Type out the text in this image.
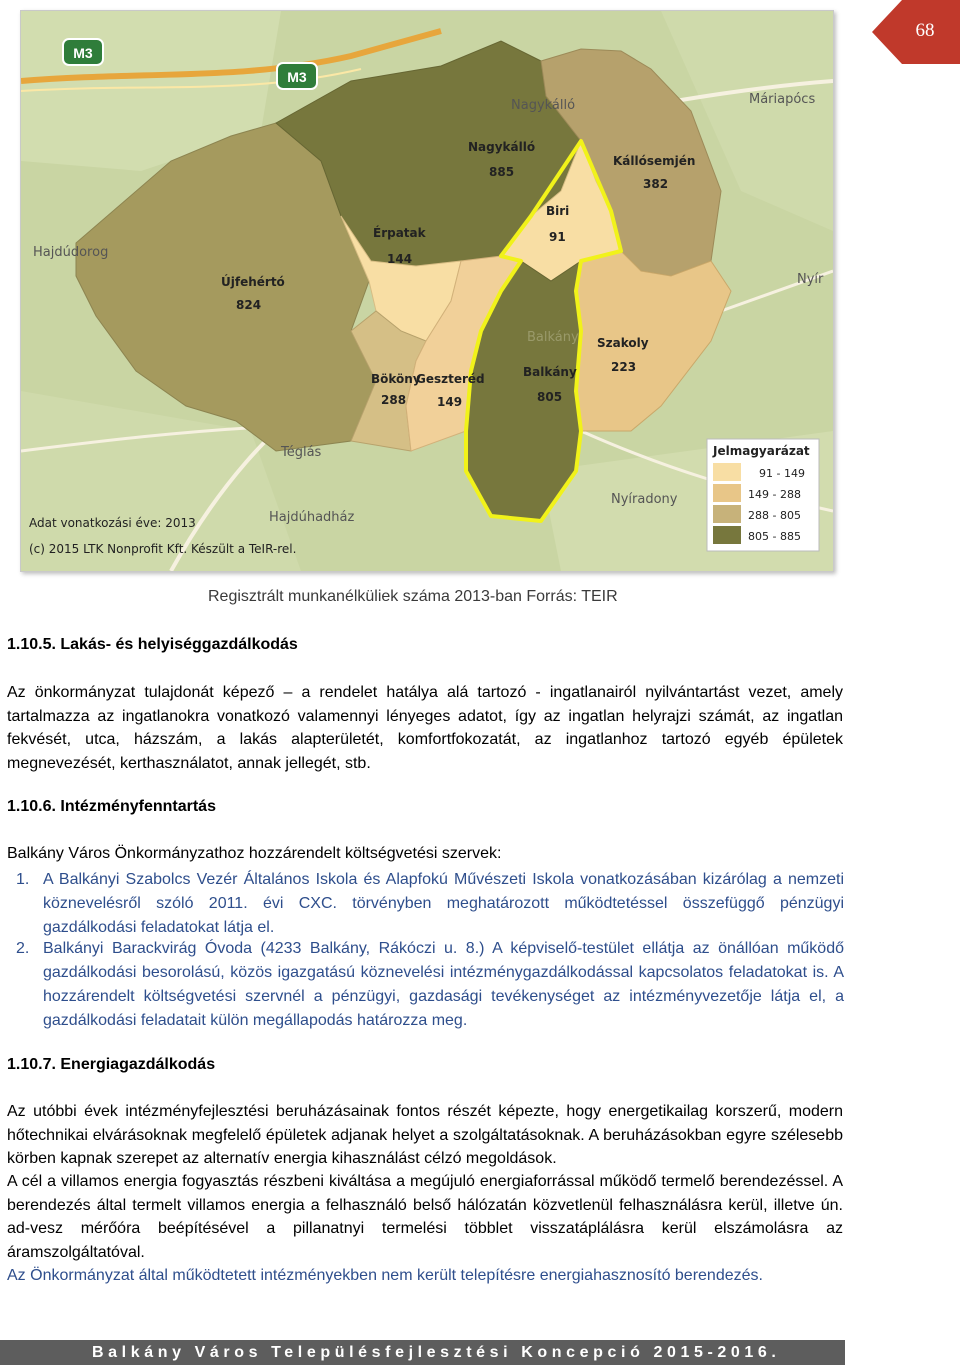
68
M3
M3
Hajdúdorog
Téglás
Hajdúhadház
Nagykálló	Máriapócs
Nyír
Nyíradony
Balkány
Újfehértó
824
Nagykálló
885
Kállósemjén
382
Érpatak
144
Biri
91
Szakoly
223
Bököny
288
Geszteréd
149
Balkány
805
Adat vonatkozási éve: 2013
(c) 2015 LTK Nonprofit Kft. Készült a TeIR-rel.
Jelmagyarázat
91 - 149
149 - 288
288 - 805
805 - 885
Regisztrált munkanélküliek száma 2013-ban Forrás: TEIR
1.10.5. Lakás- és helyiséggazdálkodás

Az önkormányzat tulajdonát képező – a rendelet hatálya alá tartozó - ingatlanairól nyilvántartást vezet, amely tartalmazza az ingatlanokra vonatkozó valamennyi lényeges adatot, így az ingatlan helyrajzi számát, az ingatlan fekvését, utca, házszám, a lakás alapterületét, komfortfokozatát, az ingatlanhoz tartozó egyéb épületek megnevezését, kerthasználatot, annak jellegét, stb.

1.10.6. Intézményfenntartás
Balkány Város Önkormányzathoz hozzárendelt költségvetési szervek:
1. A Balkányi Szabolcs Vezér Általános Iskola és Alapfokú Művészeti Iskola vonatkozásában kizárólag a nemzeti köznevelésről szóló 2011. évi CXC. törvényben meghatározott működtetéssel összefüggő pénzügyi gazdálkodási feladatokat látja el.
2. Balkányi Barackvirág Óvoda (4233 Balkány, Rákóczi u. 8.) A képviselő-testület ellátja az önállóan működő gazdálkodási besorolású, közös igazgatású köznevelési intézménygazdálkodással kapcsolatos feladatokat is. A hozzárendelt költségvetési szervnél a pénzügyi, gazdasági tevékenységet az intézményvezetője látja el, a gazdálkodási feladatait külön megállapodás határozza meg.
1.10.7. Energiagazdálkodás

Az utóbbi évek intézményfejlesztési beruházásainak fontos részét képezte, hogy energetikailag korszerű, modern hőtechnikai elvárásoknak megfelelő épületek adjanak helyet a szolgáltatásoknak. A beruházásokban egyre szélesebb körben kapnak szerepet az alternatív energia kihasználást célzó megoldások.

A cél a villamos energia fogyasztás részbeni kiváltása a megújuló energiaforrással működő termelő berendezéssel. A berendezés által termelt villamos energia a felhasználó belső hálózatán közvetlenül felhasználásra kerül, illetve ún. ad-vesz mérőóra beépítésével a pillanatnyi termelési többlet visszatáplálásra kerül elszámolásra az áramszolgáltatóval.

Az Önkormányzat által működtetett intézményekben nem került telepítésre energiahasznosító berendezés.

Balkány Város Településfejlesztési Koncepció 2015-2016.
